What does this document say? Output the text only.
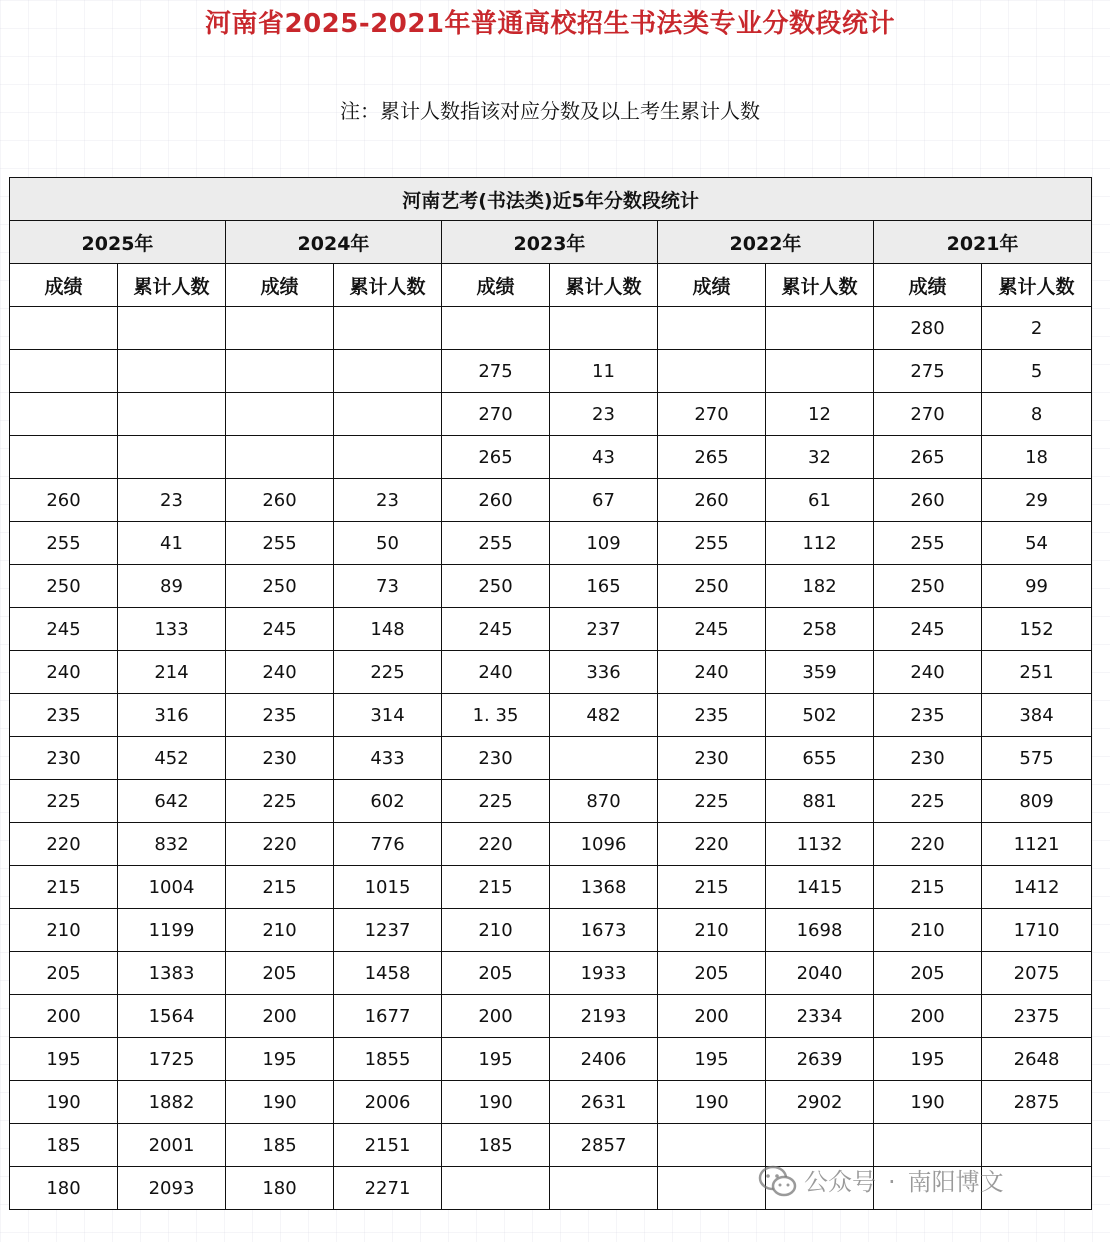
河南省2025-2021年普通高校招生书法类专业分数段统计
注：累计人数指该对应分数及以上考生累计人数
河南艺考(书法类)近5年分数段统计									
2025年		2024年		2023年		2022年		2021年	
成绩	累计人数	成绩	累计人数	成绩	累计人数	成绩	累计人数	成绩	累计人数
								280	2
				275	11			275	5
				270	23	270	12	270	8
				265	43	265	32	265	18
260	23	260	23	260	67	260	61	260	29
255	41	255	50	255	109	255	112	255	54
250	89	250	73	250	165	250	182	250	99
245	133	245	148	245	237	245	258	245	152
240	214	240	225	240	336	240	359	240	251
235	316	235	314	1. 35	482	235	502	235	384
230	452	230	433	230		230	655	230	575
225	642	225	602	225	870	225	881	225	809
220	832	220	776	220	1096	220	1132	220	1121
215	1004	215	1015	215	1368	215	1415	215	1412
210	1199	210	1237	210	1673	210	1698	210	1710
205	1383	205	1458	205	1933	205	2040	205	2075
200	1564	200	1677	200	2193	200	2334	200	2375
195	1725	195	1855	195	2406	195	2639	195	2648
190	1882	190	2006	190	2631	190	2902	190	2875
185	2001	185	2151	185	2857				
180	2093	180	2271							公众号 · 南阳博文
